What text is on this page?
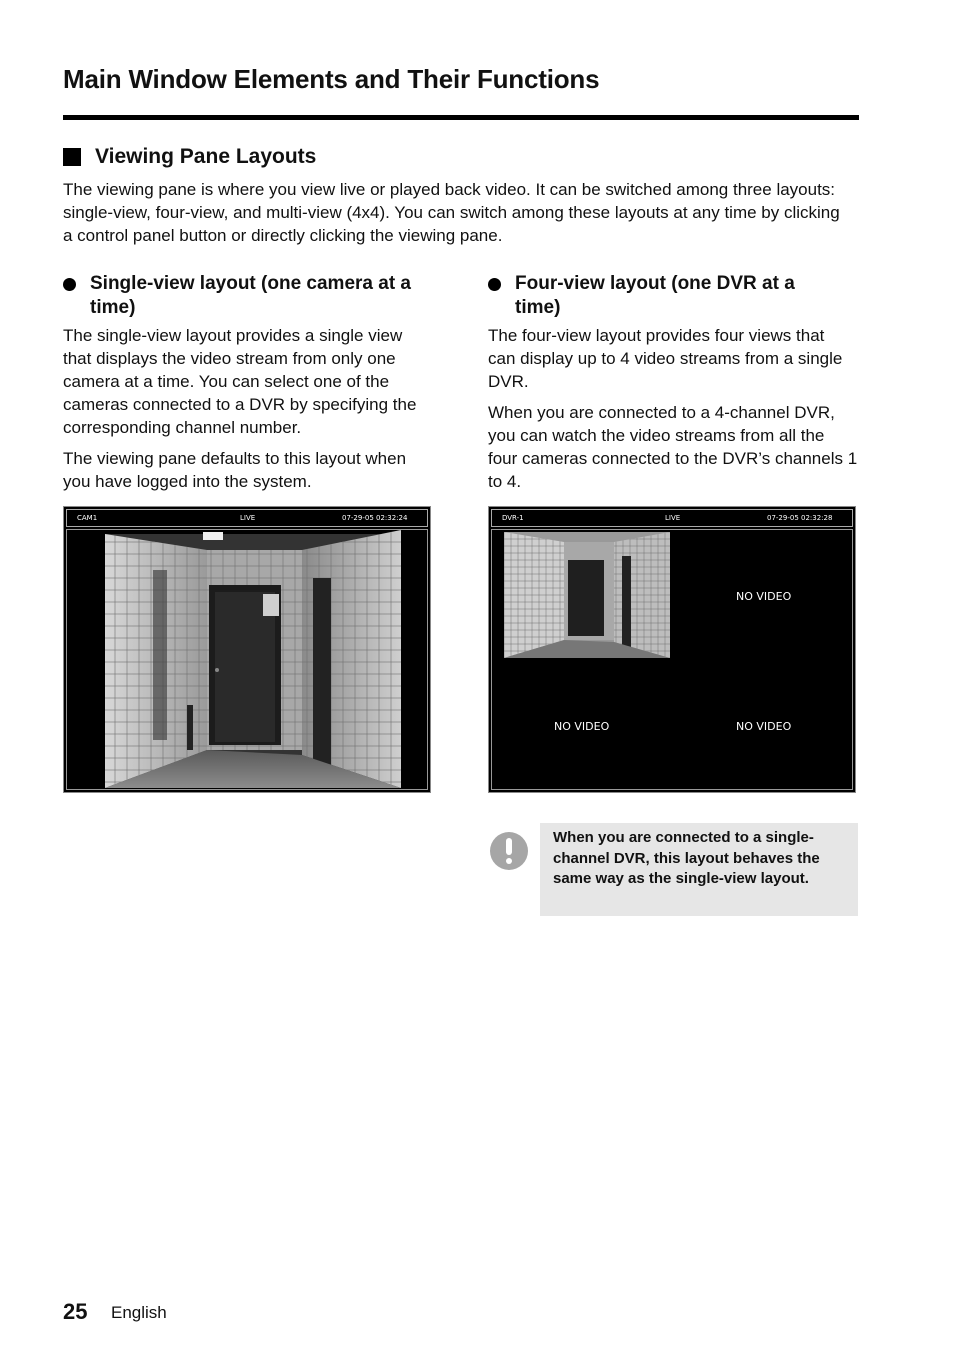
Main Window Elements and Their Functions
Viewing Pane Layouts

The viewing pane is where you view live or played back video. It can be switched among three layouts: single-view, four-view, and multi-view (4x4). You can switch among these layouts at any time by clicking a control panel button or directly clicking the viewing pane.

Single-view layout (one camera at a
time)

The single-view layout provides a single view that displays the video stream from only one camera at a time. You can select one of the cameras connected to a DVR by specifying the corresponding channel number.

The viewing pane defaults to this layout when you have logged into the system.

Four-view layout (one DVR at a
time)

The four-view layout provides four views that can display up to 4 video streams from a single DVR.

When you are connected to a 4-channel DVR, you can watch the video streams from all the four cameras connected to the DVR’s channels 1 to 4.

CAM1	LIVE	07-29-05 02:32:24	DVR-1	LIVE	07-29-05 02:32:28
NO VIDEO
NO VIDEO	NO VIDEO
When you are connected to a single-channel DVR, this layout behaves the same way as the single-view layout.
25 English
